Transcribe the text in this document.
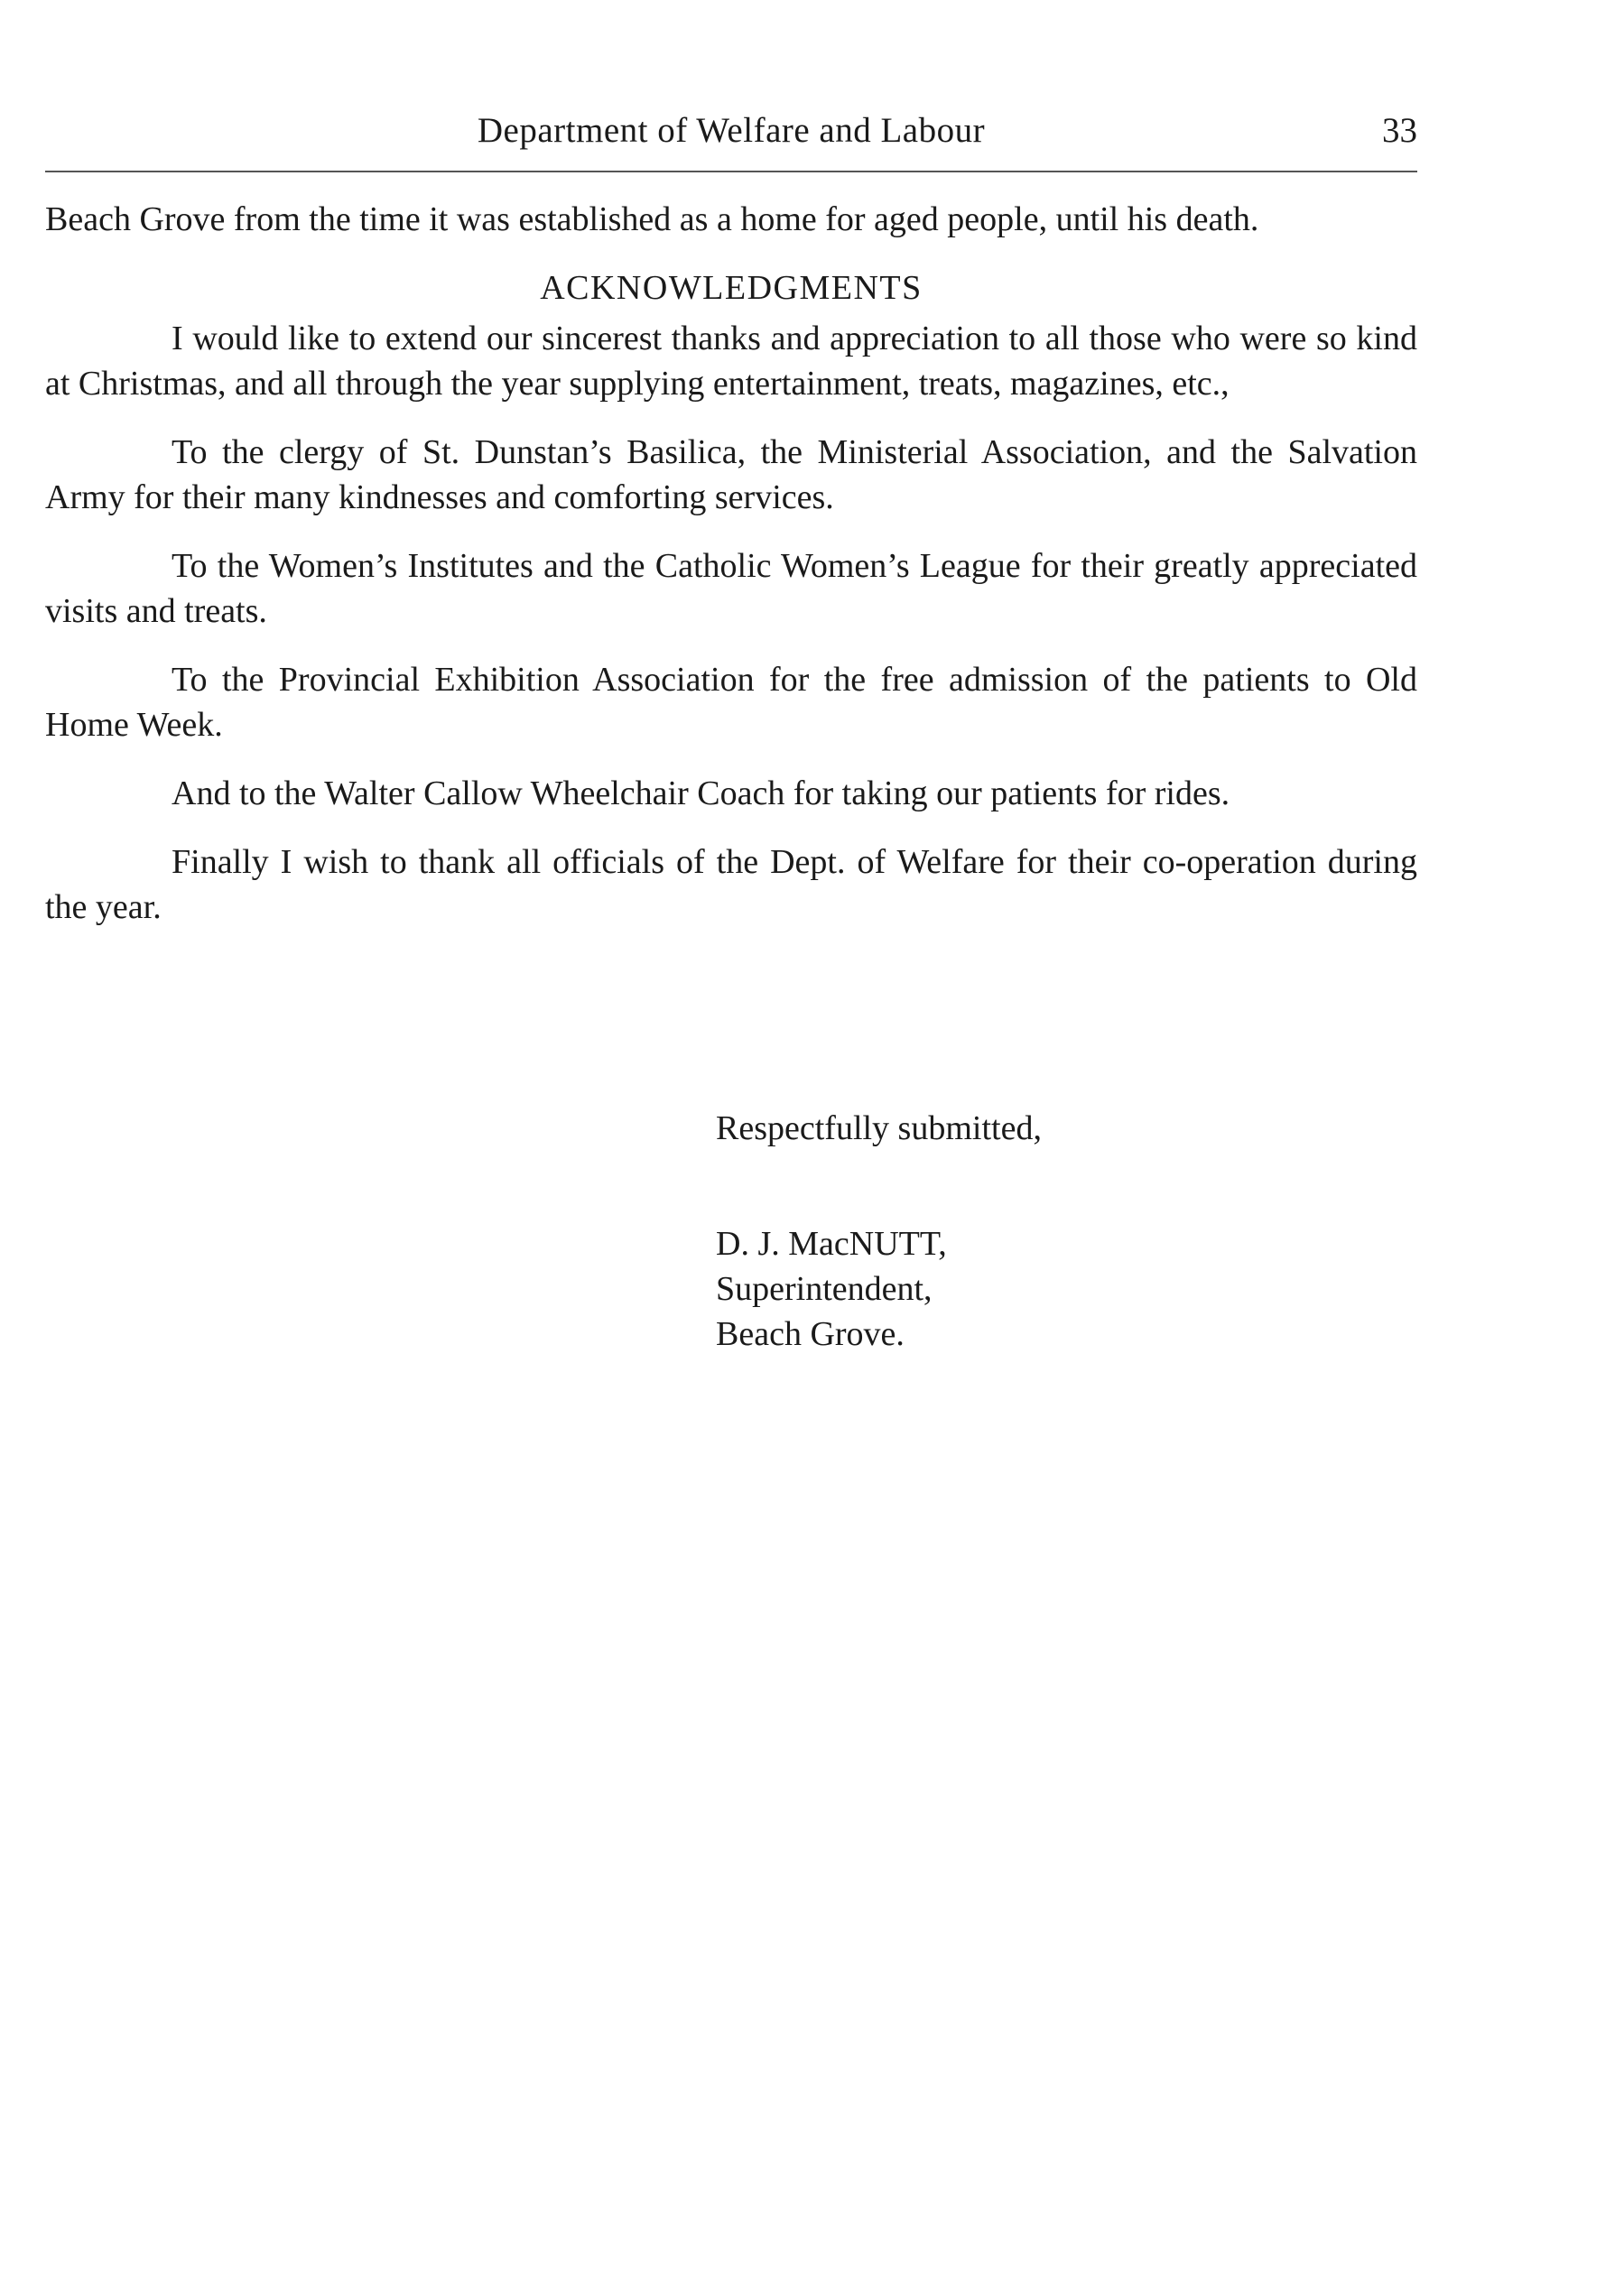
Department of Welfare and Labour	33

Beach Grove from the time it was established as a home for aged people, until his death.

ACKNOWLEDGMENTS

I would like to extend our sincerest thanks and appreciation to all those who were so kind at Christmas, and all through the year supplying entertainment, treats, magazines, etc.,

To the clergy of St. Dunstan’s Basilica, the Ministerial Association, and the Salvation Army for their many kindnesses and comforting services.

To the Women’s Institutes and the Catholic Women’s League for their greatly appreciated visits and treats.

To the Provincial Exhibition Association for the free admission of the patients to Old Home Week.

And to the Walter Callow Wheelchair Coach for taking our patients for rides.

Finally I wish to thank all officials of the Dept. of Welfare for their co-operation during the year.

Respectfully submitted,
D. J. MacNUTT,
Superintendent,
Beach Grove.
